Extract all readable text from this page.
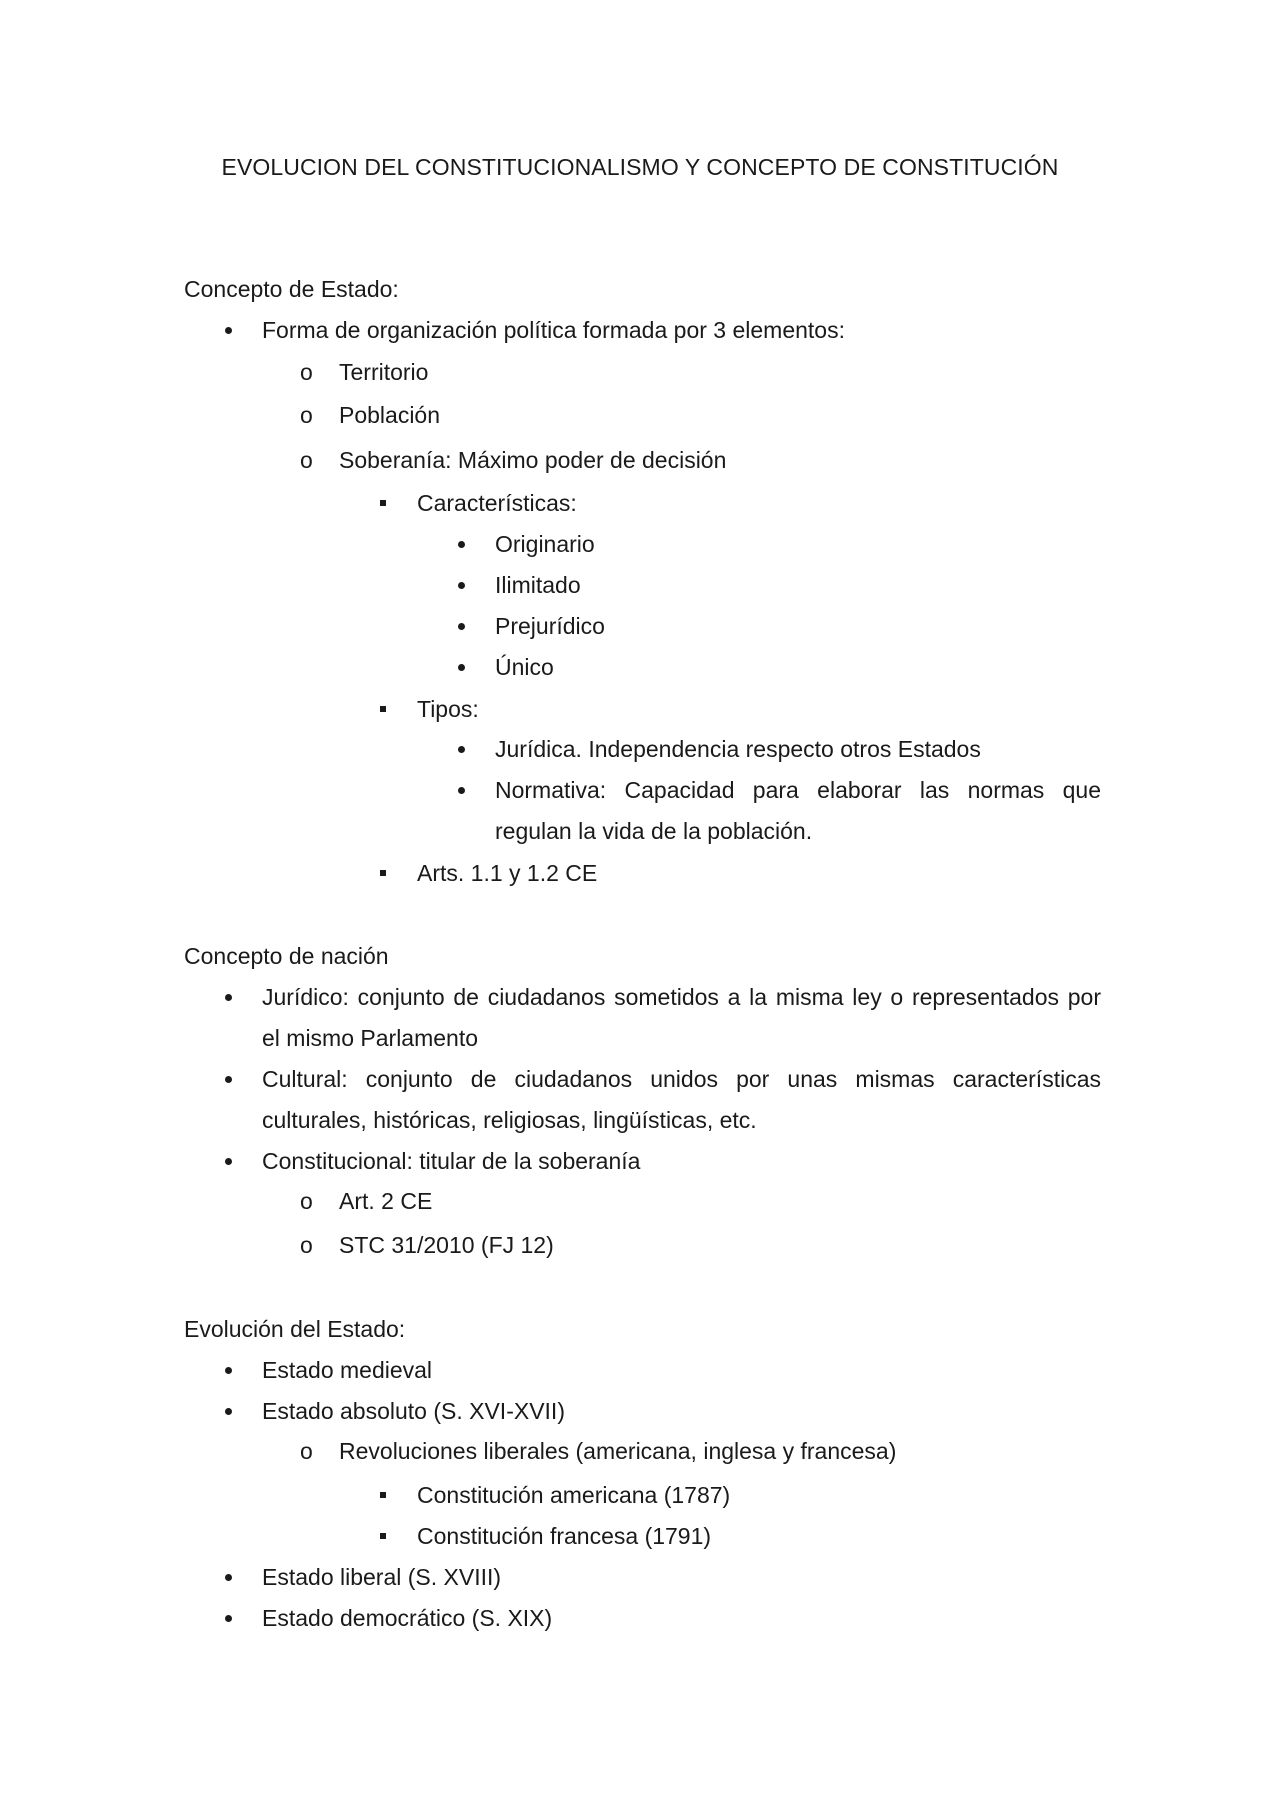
EVOLUCION DEL CONSTITUCIONALISMO Y CONCEPTO DE CONSTITUCIÓN
Concepto de Estado:
Forma de organización política formada por 3 elementos:
o Territorio
o Población
o Soberanía: Máximo poder de decisión
Características:
Originario
Ilimitado
Prejurídico
Único
Tipos:
Jurídica. Independencia respecto otros Estados
Normativa: Capacidad para elaborar las normas que
regulan la vida de la población.
Arts. 1.1 y 1.2 CE
Concepto de nación
Jurídico: conjunto de ciudadanos sometidos a la misma ley o representados por
el mismo Parlamento
Cultural: conjunto de ciudadanos unidos por unas mismas características
culturales, históricas, religiosas, lingüísticas, etc.
Constitucional: titular de la soberanía
o Art. 2 CE
o STC 31/2010 (FJ 12)
Evolución del Estado:
Estado medieval
Estado absoluto (S. XVI-XVII)
o Revoluciones liberales (americana, inglesa y francesa)
Constitución americana (1787)
Constitución francesa (1791)
Estado liberal (S. XVIII)
Estado democrático (S. XIX)
